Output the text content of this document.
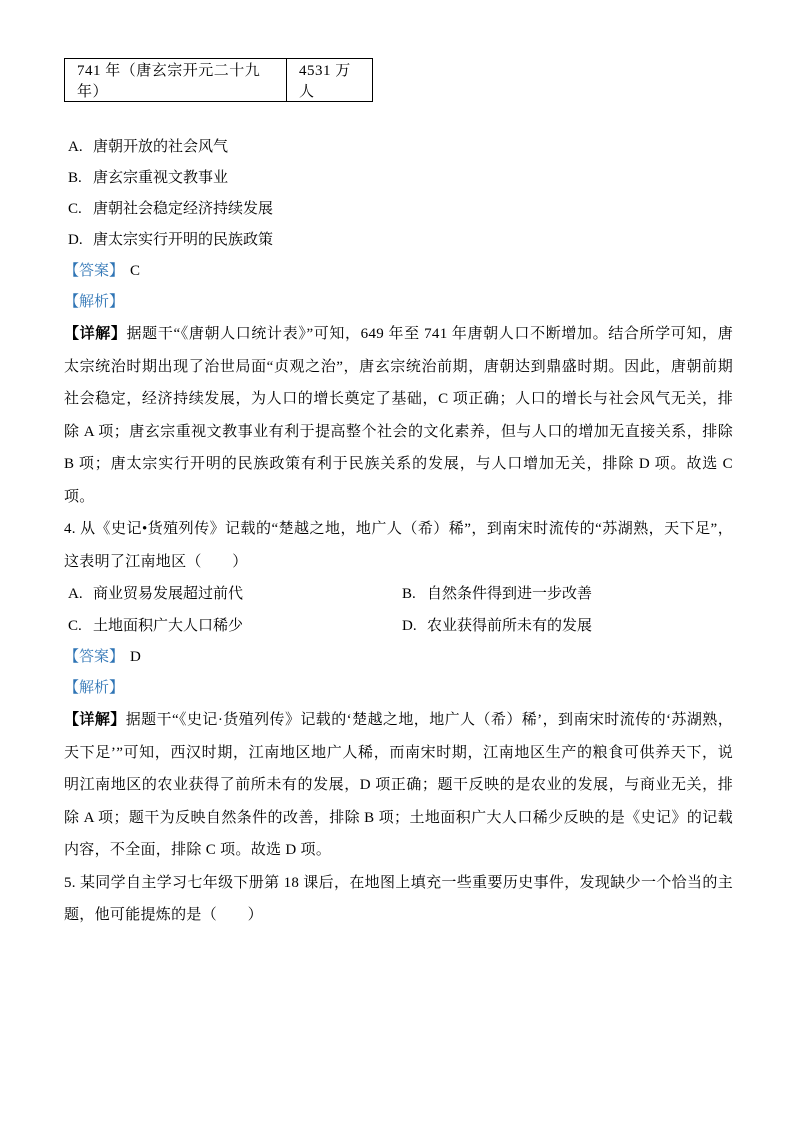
741 年（唐玄宗开元二十九年）	4531 万人
A. 唐朝开放的社会风气
B. 唐玄宗重视文教事业
C. 唐朝社会稳定经济持续发展
D. 唐太宗实行开明的民族政策
【答案】 C
【解析】

【详解】据题干“《唐朝人口统计表》”可知，649 年至 741 年唐朝人口不断增加。结合所学可知，唐太宗统治时期出现了治世局面“贞观之治”，唐玄宗统治前期，唐朝达到鼎盛时期。因此，唐朝前期社会稳定，经济持续发展，为人口的增长奠定了基础，C 项正确；人口的增长与社会风气无关，排除 A 项；唐玄宗重视文教事业有利于提高整个社会的文化素养，但与人口的增加无直接关系，排除 B 项；唐太宗实行开明的民族政策有利于民族关系的发展，与人口增加无关，排除 D 项。故选 C 项。

4. 从《史记•货殖列传》记载的“楚越之地，地广人（希）稀”，到南宋时流传的“苏湖熟，天下足”，这表明了江南地区（　　）

A. 商业贸易发展超过前代	B. 自然条件得到进一步改善
C. 土地面积广大人口稀少	D. 农业获得前所未有的发展
【答案】 D
【解析】

【详解】据题干“《史记·货殖列传》记载的‘楚越之地，地广人（希）稀’，到南宋时流传的‘苏湖熟，天下足’”可知，西汉时期，江南地区地广人稀，而南宋时期，江南地区生产的粮食可供养天下，说明江南地区的农业获得了前所未有的发展，D 项正确；题干反映的是农业的发展，与商业无关，排除 A 项；题干为反映自然条件的改善，排除 B 项；土地面积广大人口稀少反映的是《史记》的记载内容，不全面，排除 C 项。故选 D 项。

5. 某同学自主学习七年级下册第 18 课后，在地图上填充一些重要历史事件，发现缺少一个恰当的主题，他可能提炼的是（　　）
